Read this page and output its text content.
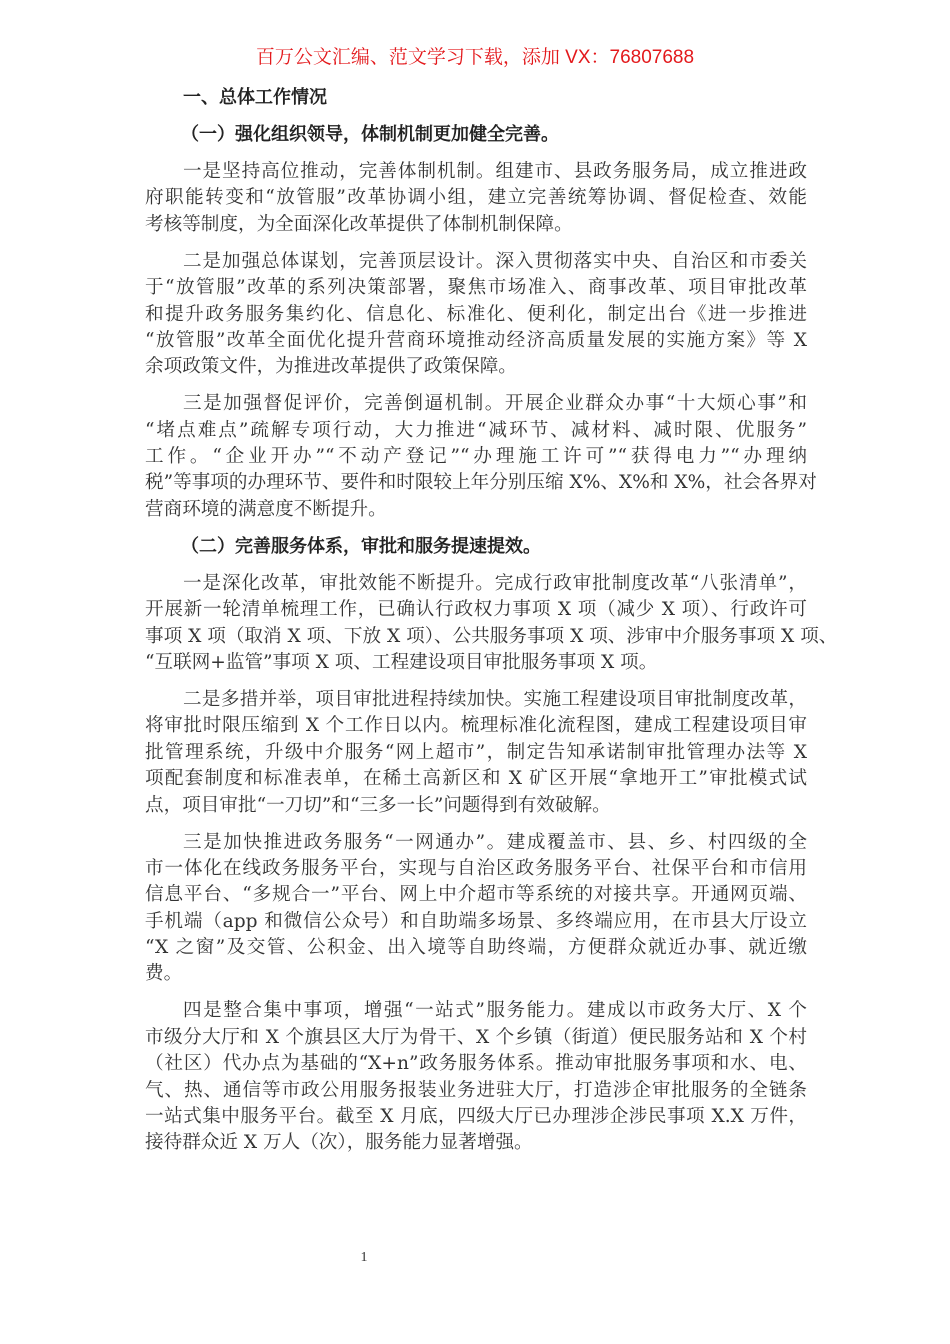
百万公文汇编、范文学习下载，添加 VX：76807688
一、总体工作情况
（一）强化组织领导，体制机制更加健全完善。
一是坚持高位推动，完善体制机制。组建市、县政务服务局，成立推进政
府职能转变和“放管服”改革协调小组，建立完善统筹协调、督促检查、效能
考核等制度，为全面深化改革提供了体制机制保障。
二是加强总体谋划，完善顶层设计。深入贯彻落实中央、自治区和市委关
于“放管服”改革的系列决策部署，聚焦市场准入、商事改革、项目审批改革
和提升政务服务集约化、信息化、标准化、便利化，制定出台《进一步推进
“放管服”改革全面优化提升营商环境推动经济高质量发展的实施方案》等 X
余项政策文件，为推进改革提供了政策保障。
三是加强督促评价，完善倒逼机制。开展企业群众办事“十大烦心事”和
“堵点难点”疏解专项行动，大力推进“减环节、减材料、减时限、优服务”
工作。“企业开办”“不动产登记”“办理施工许可”“获得电力”“办理纳
税”等事项的办理环节、要件和时限较上年分别压缩 X%、X%和 X%，社会各界对
营商环境的满意度不断提升。
（二）完善服务体系，审批和服务提速提效。
一是深化改革，审批效能不断提升。完成行政审批制度改革“八张清单”，
开展新一轮清单梳理工作，已确认行政权力事项 X 项（减少 X 项）、行政许可
事项 X 项（取消 X 项、下放 X 项）、公共服务事项 X 项、涉审中介服务事项 X 项、
“互联网+监管”事项 X 项、工程建设项目审批服务事项 X 项。
二是多措并举，项目审批进程持续加快。实施工程建设项目审批制度改革，
将审批时限压缩到 X 个工作日以内。梳理标准化流程图，建成工程建设项目审
批管理系统，升级中介服务“网上超市”，制定告知承诺制审批管理办法等 X
项配套制度和标准表单，在稀土高新区和 X 矿区开展“拿地开工”审批模式试
点，项目审批“一刀切”和“三多一长”问题得到有效破解。
三是加快推进政务服务“一网通办”。建成覆盖市、县、乡、村四级的全
市一体化在线政务服务平台，实现与自治区政务服务平台、社保平台和市信用
信息平台、“多规合一”平台、网上中介超市等系统的对接共享。开通网页端、
手机端（app 和微信公众号）和自助端多场景、多终端应用，在市县大厅设立
“X 之窗”及交管、公积金、出入境等自助终端，方便群众就近办事、就近缴
费。
四是整合集中事项，增强“一站式”服务能力。建成以市政务大厅、X 个
市级分大厅和 X 个旗县区大厅为骨干、X 个乡镇（街道）便民服务站和 X 个村
（社区）代办点为基础的“X+n”政务服务体系。推动审批服务事项和水、电、
气、热、通信等市政公用服务报装业务进驻大厅，打造涉企审批服务的全链条
一站式集中服务平台。截至 X 月底，四级大厅已办理涉企涉民事项 X.X 万件，
接待群众近 X 万人（次），服务能力显著增强。
1
